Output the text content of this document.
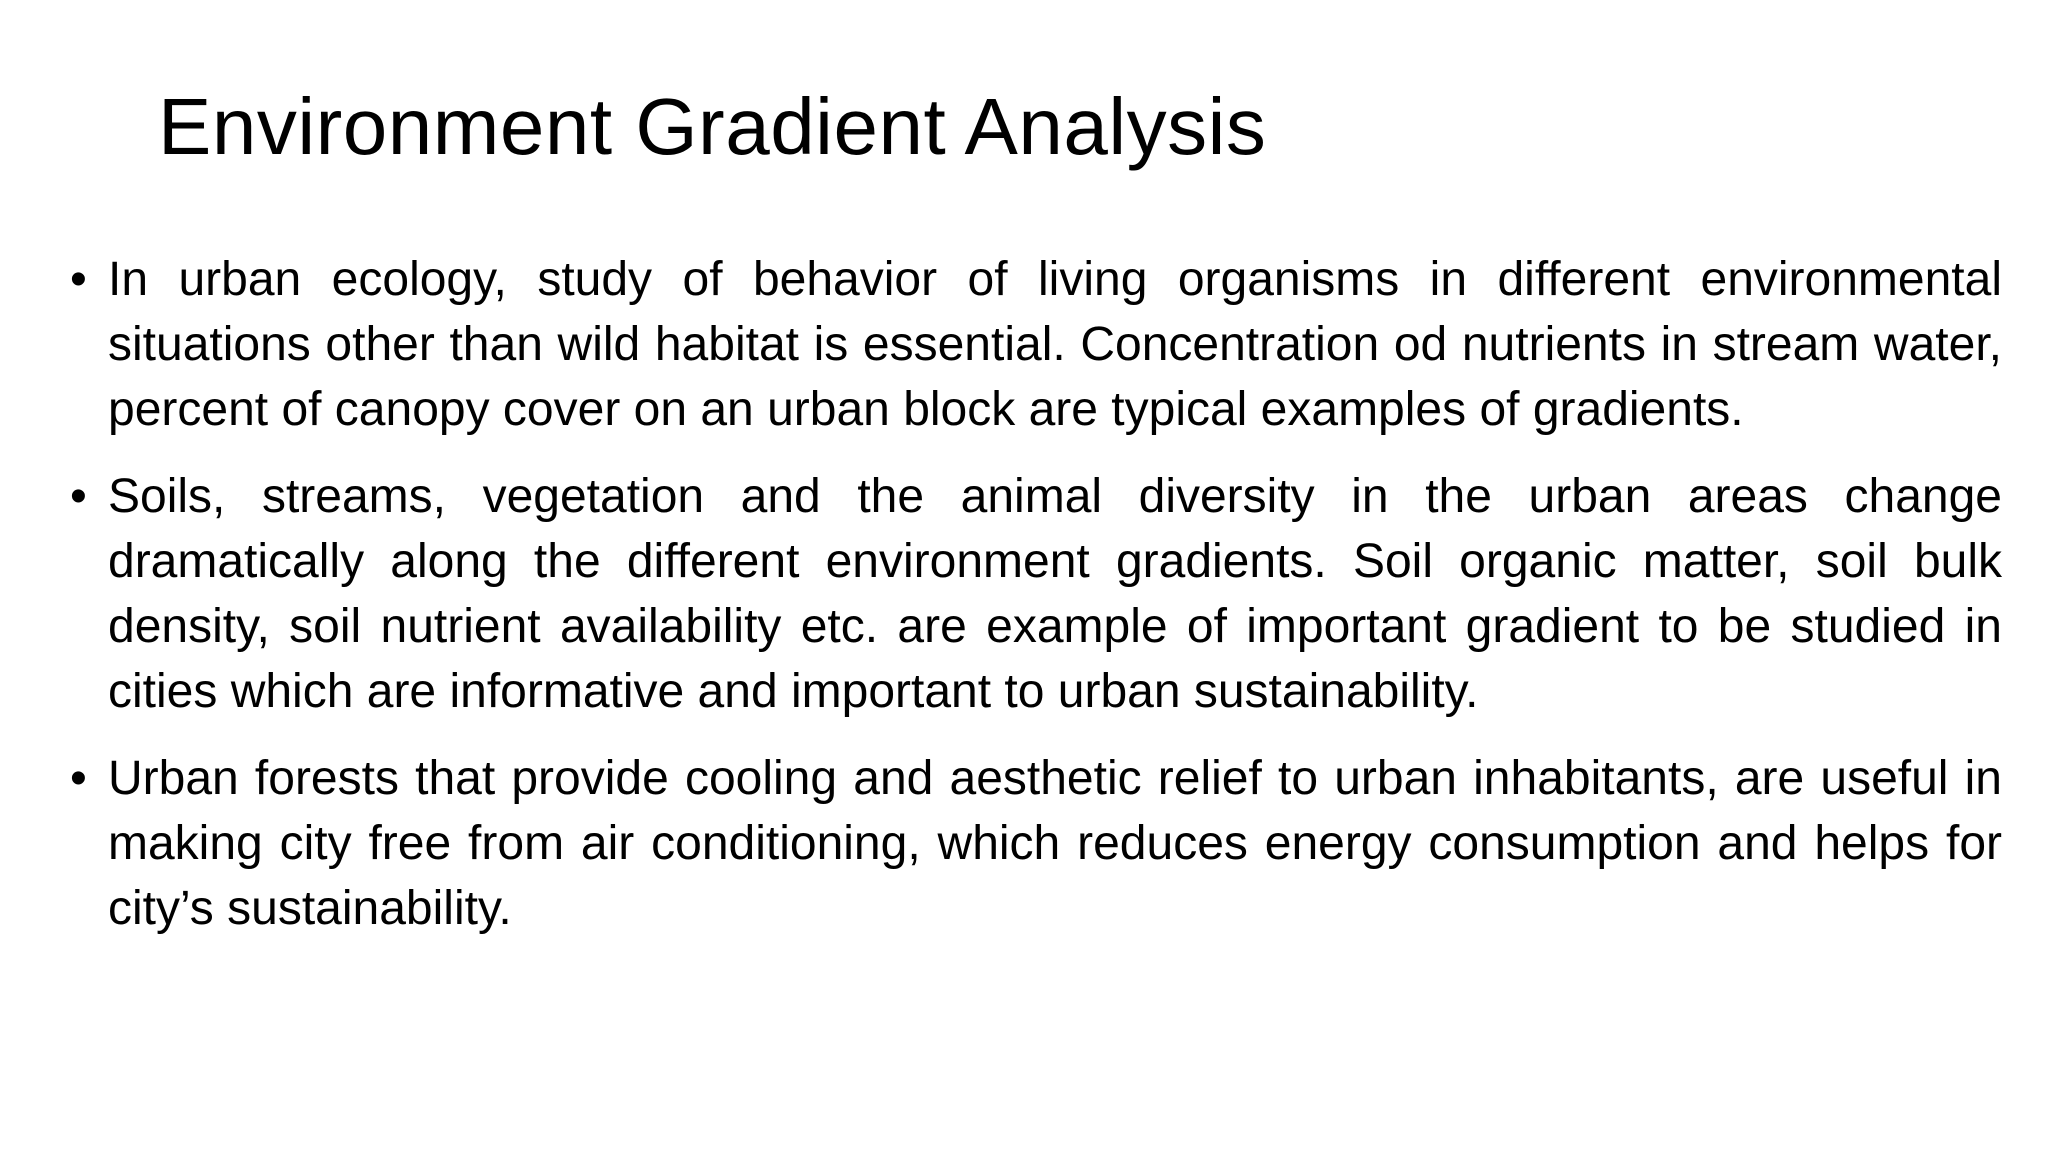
Environment Gradient Analysis
• In urban ecology, study of behavior of living organisms in different environmental situations other than wild habitat is essential. Concentration od nutrients in stream water, percent of canopy cover on an urban block are typical examples of gradients.
• Soils, streams, vegetation and the animal diversity in the urban areas change dramatically along the different environment gradients. Soil organic matter, soil bulk density, soil nutrient availability etc. are example of important gradient to be studied in cities which are informative and important to urban sustainability.
• Urban forests that provide cooling and aesthetic relief to urban inhabitants, are useful in making city free from air conditioning, which reduces energy consumption and helps for city’s sustainability.
